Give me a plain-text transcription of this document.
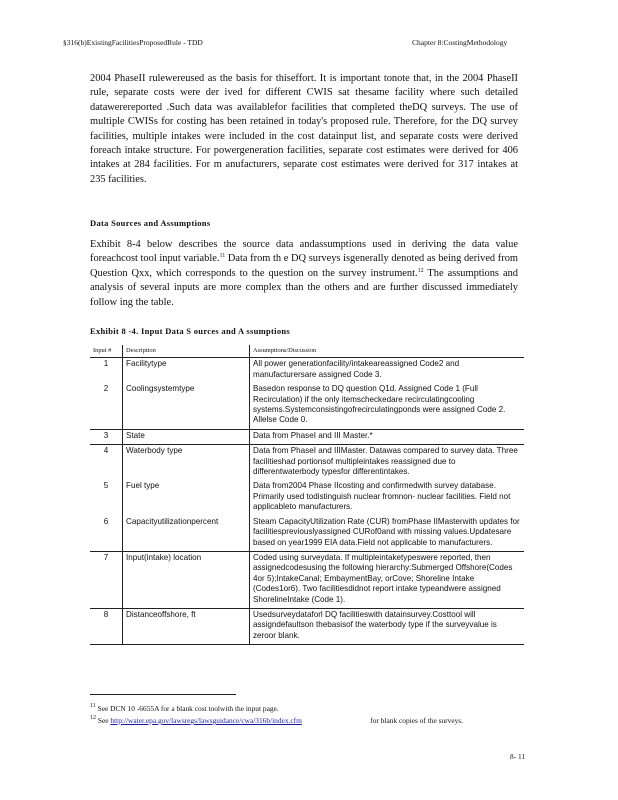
§316(b)ExistingFacilitiesProposedRule - TDD	Chapter 8:CostingMethodology

2004 PhaseII rulewereused as the basis for thiseffort. It is important tonote that, in the 2004 PhaseII rule, separate costs were der ived for different CWIS sat thesame facility where such detailed datawerereported .Such data was availablefor facilities that completed theDQ surveys. The use of multiple CWISs for costing has been retained in today's proposed rule. Therefore, for the DQ survey facilities, multiple intakes were included in the cost datainput list, and separate costs were derived foreach intake structure. For powergeneration facilities, separate cost estimates were derived for 406 intakes at 284 facilities. For m anufacturers, separate cost estimates were derived for 317 intakes at 235 facilities.

Data Sources and Assumptions

Exhibit 8-4 below describes the source data andassumptions used in deriving the data value foreachcost tool input variable.$^{11}$ Data from th e DQ surveys isgenerally denoted as being derived from Question Qxx, which corresponds to the question on the survey instrument.$^{12}$ The assumptions and analysis of several inputs are more complex than the others and are further discussed immediately follow ing the table.

Exhibit 8 -4. Input Data S ources and A ssumptions
Input #	Description	Assumptions/Discussion
1	Facilitytype	All power generationfacility/intakeareassigned Code2 and manufacturersare assigned Code 3.
2	Coolingsystemtype	Basedon response to DQ question Q1d. Assigned Code 1 (Full Recirculation) if the only itemscheckedare recirculatingcooling systems.Systemconsistingofrecirculatingponds were assigned Code 2. Allelse Code 0.
3	State	Data from PhaseI and III Master.*
4	Waterbody type	Data from PhaseI and IIIMaster. Datawas compared to survey data. Three facilitieshad portionsof multipleintakes reassigned due to differentwaterbody typesfor differentintakes.
5	Fuel type	Data from2004 Phase IIcosting and confirmedwith survey database. Primarily used todistinguish nuclear fromnon- nuclear facilities. Field not applicableto manufacturers.
6	Capacityutilizationpercent	Steam CapacityUtilization Rate (CUR) fromPhase IIMasterwith updates for facilitiespreviouslyassigned CURof0and with missing values.Updatesare based on year1999 EIA data.Field not applicable to manufacturers.
7	Input(intake) location	Coded using surveydata. If multipleintaketypeswere reported, then assignedcodesusing the following hierarchy:Submerged Offshore(Codes 4or 5);IntakeCanal; EmbaymentBay, orCove; Shoreline Intake (Codes1or6). Two facilitiesdidnot report intake typeandwere assigned ShorelineIntake (Code 1).
8	Distanceoffshore, ft	Usedsurveydataforl DQ facilitieswith datainsurvey.Costtool will assigndefaultson thebasisof the waterbody type if the surveyvalue is zeroor blank.
$^{11}$ See DCN 10 -6655A for a blank cost toolwith the input page.
$^{12}$ See http://water.epa.gov/lawsregs/lawsguidance/cwa/316b/index.cfm	for blank copies of the surveys.
8- 11
